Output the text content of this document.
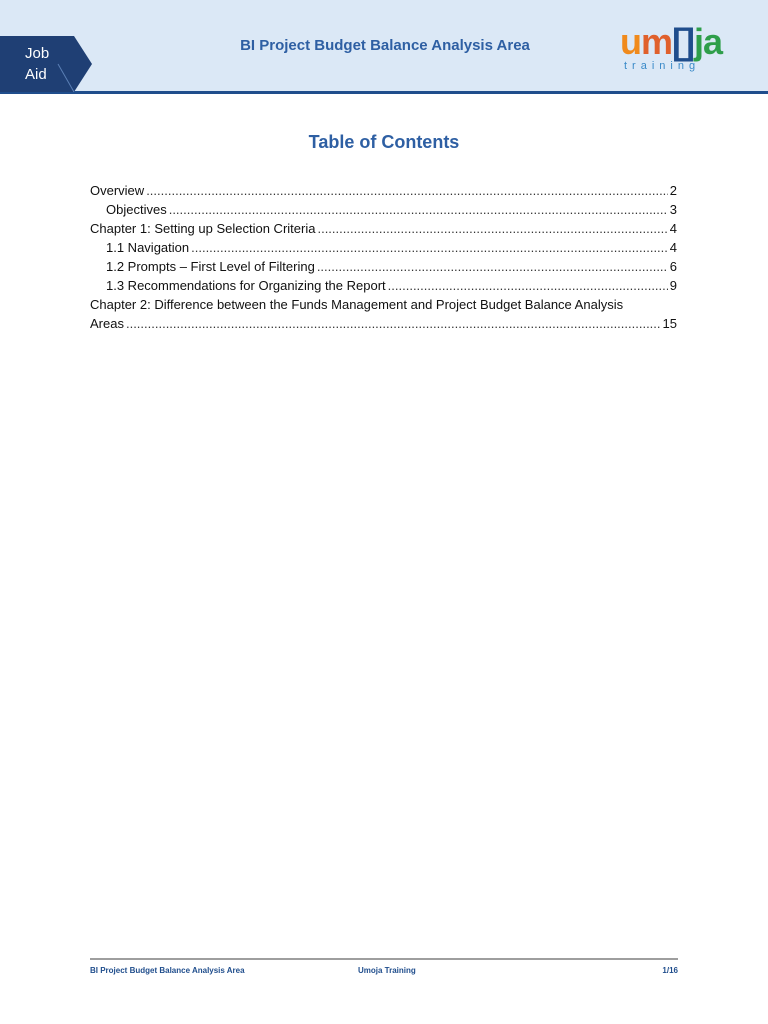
Job
Aid
BI Project Budget Balance Analysis Area	um[]ja
training
Table of Contents
Overview .....	2
Objectives .....	3
Chapter 1: Setting up Selection Criteria .....	4
1.1 Navigation .....	4
1.2 Prompts – First Level of Filtering .....	6
1.3 Recommendations for Organizing the Report .....	9
Chapter 2: Difference between the Funds Management and Project Budget Balance Analysis
Areas .....	15
BI Project Budget Balance Analysis Area	Umoja Training	1/16
